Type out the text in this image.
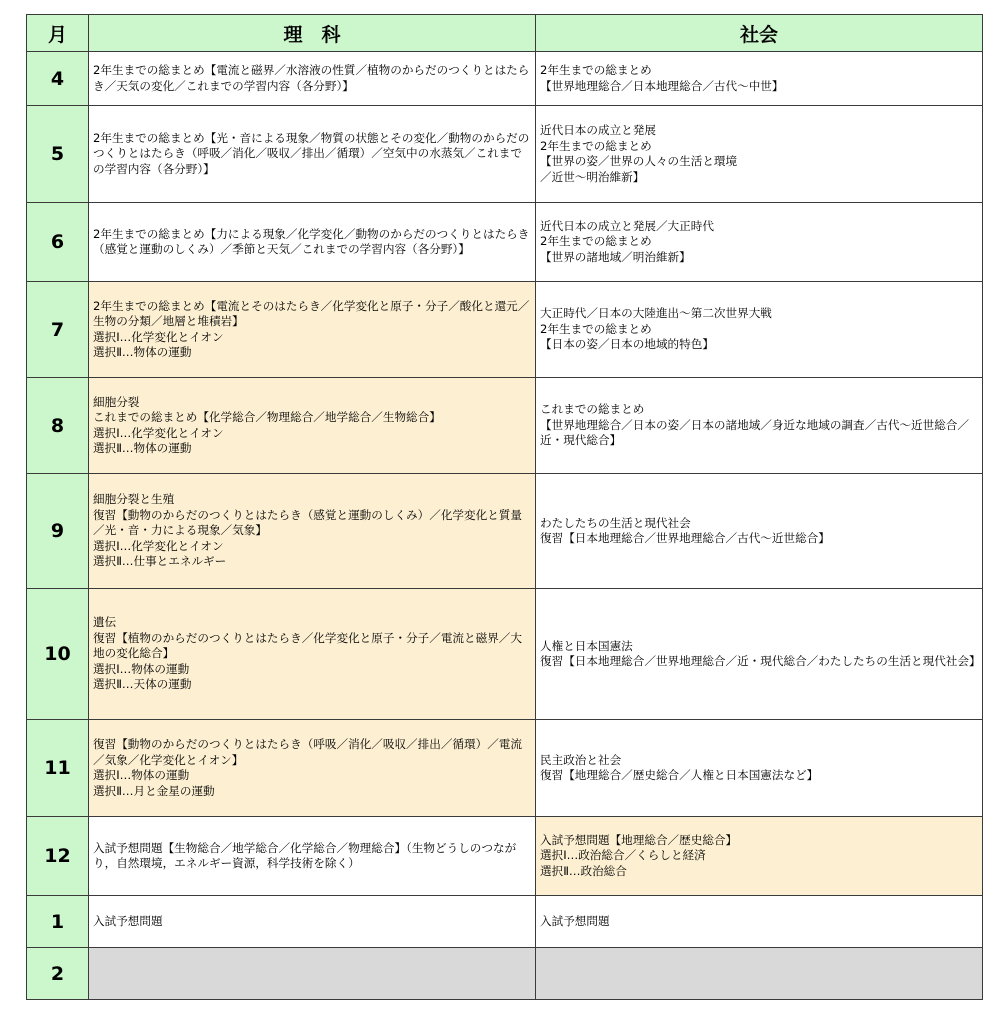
月	理　科	社会
4	2年生までの総まとめ【電流と磁界／水溶液の性質／植物のからだのつくりとはたらき／天気の変化／これまでの学習内容（各分野）】	2年生までの総まとめ
【世界地理総合／日本地理総合／古代～中世】
5	2年生までの総まとめ【光・音による現象／物質の状態とその変化／動物のからだのつくりとはたらき（呼吸／消化／吸収／排出／循環）／空気中の水蒸気／これまでの学習内容（各分野）】	近代日本の成立と発展
2年生までの総まとめ
【世界の姿／世界の人々の生活と環境
／近世～明治維新】
6	2年生までの総まとめ【力による現象／化学変化／動物のからだのつくりとはたらき（感覚と運動のしくみ）／季節と天気／これまでの学習内容（各分野）】	近代日本の成立と発展／大正時代
2年生までの総まとめ
【世界の諸地域／明治維新】
7	2年生までの総まとめ【電流とそのはたらき／化学変化と原子・分子／酸化と還元／生物の分類／地層と堆積岩】
選択Ⅰ…化学変化とイオン
選択Ⅱ…物体の運動	大正時代／日本の大陸進出～第二次世界大戦
2年生までの総まとめ
【日本の姿／日本の地域的特色】
8	細胞分裂
これまでの総まとめ【化学総合／物理総合／地学総合／生物総合】
選択Ⅰ…化学変化とイオン
選択Ⅱ…物体の運動	これまでの総まとめ
【世界地理総合／日本の姿／日本の諸地域／身近な地域の調査／古代～近世総合／近・現代総合】
9	細胞分裂と生殖
復習【動物のからだのつくりとはたらき（感覚と運動のしくみ）／化学変化と質量／光・音・力による現象／気象】
選択Ⅰ…化学変化とイオン
選択Ⅱ…仕事とエネルギー	わたしたちの生活と現代社会
復習【日本地理総合／世界地理総合／古代～近世総合】
10	遺伝
復習【植物のからだのつくりとはたらき／化学変化と原子・分子／電流と磁界／大地の変化総合】
選択Ⅰ…物体の運動
選択Ⅱ…天体の運動	人権と日本国憲法
復習【日本地理総合／世界地理総合／近・現代総合／わたしたちの生活と現代社会】
11	復習【動物のからだのつくりとはたらき（呼吸／消化／吸収／排出／循環）／電流／気象／化学変化とイオン】
選択Ⅰ…物体の運動
選択Ⅱ…月と金星の運動	民主政治と社会
復習【地理総合／歴史総合／人権と日本国憲法など】
12	入試予想問題【生物総合／地学総合／化学総合／物理総合】（生物どうしのつながり，自然環境，エネルギー資源，科学技術を除く）	入試予想問題【地理総合／歴史総合】
選択Ⅰ…政治総合／くらしと経済
選択Ⅱ…政治総合
1	入試予想問題	入試予想問題
2		
